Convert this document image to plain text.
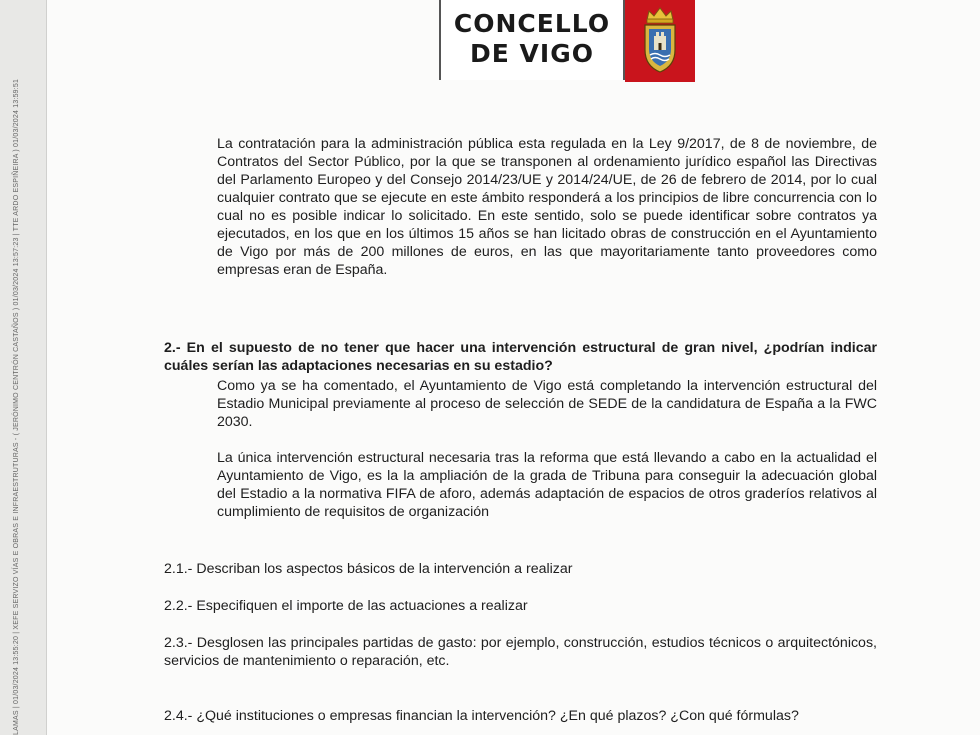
LAMAS | 01/03/2024 13:55:20 | XEFE SERVIZO VÍAS E OBRAS E INFRAESTRUTURAS - ( JERÓNIMO CENTRÓN CASTAÑOS ) 01/03/2024 13:57:23 | TTE ARDO ESPIÑEIRA ) 01/03/2024 13:59:51
CONCELLO
DE VIGO

La contratación para la administración pública esta regulada en la Ley 9/2017, de 8 de noviembre, de Contratos del Sector Público, por la que se transponen al ordenamiento jurídico español las Directivas del Parlamento Europeo y del Consejo 2014/23/UE y 2014/24/UE, de 26 de febrero de 2014, por lo cual cualquier contrato que se ejecute en este ámbito responderá a los principios de libre concurrencia con lo cual no es posible indicar lo solicitado. En este sentido, solo se puede identificar sobre contratos ya ejecutados, en los que en los últimos 15 años se han licitado obras de construcción en el Ayuntamiento de Vigo por más de 200 millones de euros, en las que mayoritariamente tanto proveedores como empresas eran de España.

2.- En el supuesto de no tener que hacer una intervención estructural de gran nivel, ¿podrían indicar cuáles serían las adaptaciones necesarias en su estadio?

Como ya se ha comentado, el Ayuntamiento de Vigo está completando la intervención estructural del Estadio Municipal previamente al proceso de selección de SEDE de la candidatura de España a la FWC 2030.

La única intervención estructural necesaria tras la reforma que está llevando a cabo en la actualidad el Ayuntamiento de Vigo, es la la ampliación de la grada de Tribuna para conseguir la adecuación global del Estadio a la normativa FIFA de aforo, además adaptación de espacios de otros graderíos relativos al cumplimiento de requisitos de organización

2.1.- Describan los aspectos básicos de la intervención a realizar

2.2.- Especifiquen el importe de las actuaciones a realizar

2.3.- Desglosen las principales partidas de gasto: por ejemplo, construcción, estudios técnicos o arquitectónicos, servicios de mantenimiento o reparación, etc.

2.4.- ¿Qué instituciones o empresas financian la intervención? ¿En qué plazos? ¿Con qué fórmulas?
